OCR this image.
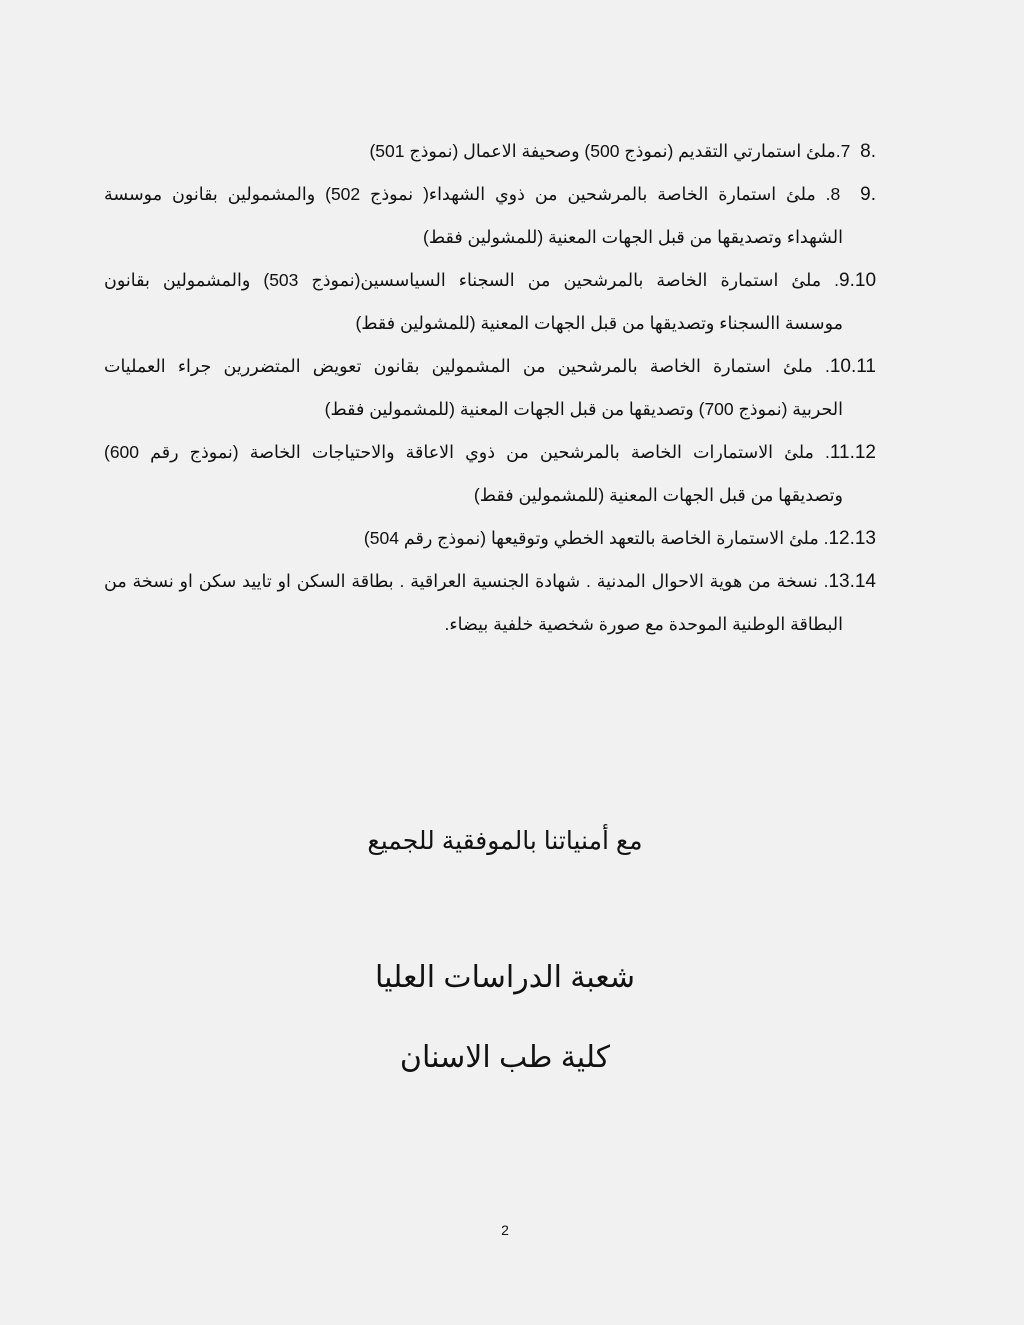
8.  7.ملئ استمارتي التقديم (نموذج 500) وصحيفة الاعمال (نموذج 501)
9.  8. ملئ استمارة الخاصة بالمرشحين من ذوي الشهداء( نموذج 502) والمشمولين بقانون موسسة
الشهداء وتصديقها من قبل الجهات المعنية (للمشولين فقط)
9.10. ملئ استمارة الخاصة بالمرشحين من السجناء السياسسين(نموذج 503) والمشمولين بقانون
موسسة االسجناء وتصديقها من قبل الجهات المعنية (للمشولين فقط)
10.11. ملئ استمارة الخاصة بالمرشحين من المشمولين بقانون تعويض المتضررين جراء العمليات
الحربية (نموذج 700) وتصديقها من قبل الجهات المعنية (للمشمولين فقط)
11.12. ملئ الاستمارات الخاصة بالمرشحين من ذوي الاعاقة والاحتياجات الخاصة (نموذج رقم 600)
وتصديقها من قبل الجهات المعنية (للمشمولين فقط)
12.13. ملئ الاستمارة الخاصة بالتعهد الخطي وتوقيعها (نموذج رقم 504)
13.14. نسخة من هوية الاحوال المدنية . شهادة الجنسية العراقية . بطاقة السكن او تاييد سكن او نسخة من
البطاقة الوطنية الموحدة مع صورة شخصية خلفية بيضاء.
مع أمنياتنا بالموفقية للجميع
شعبة الدراسات العليا
كلية طب الاسنان
2
